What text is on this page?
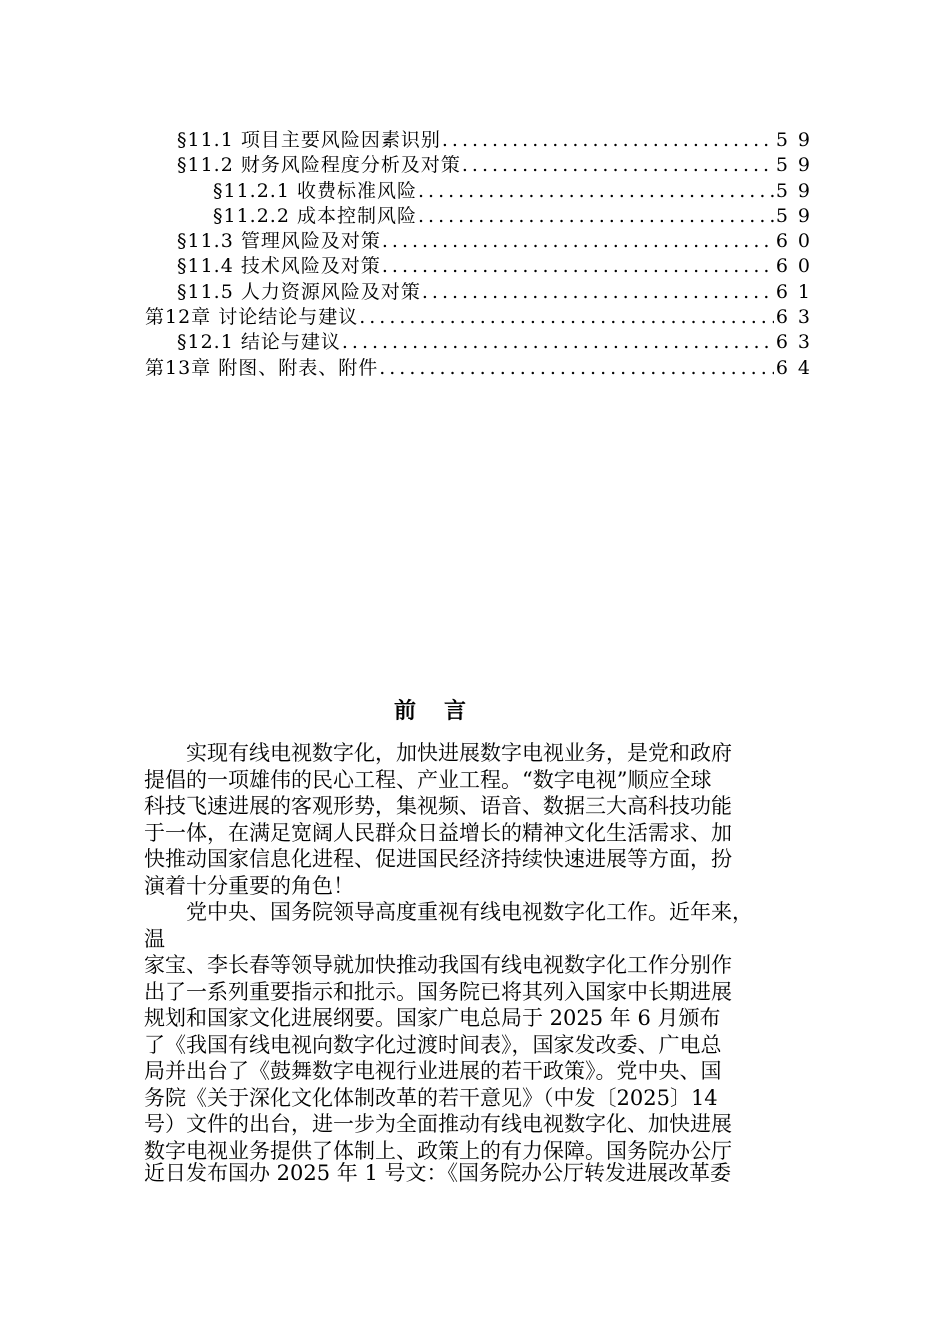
§11.1 项目主要风险因素识别 .....	59
§11.2 财务风险程度分析及对策 .....	59
§11.2.1 收费标准风险 .....	59
§11.2.2 成本控制风险 .....	59
§11.3 管理风险及对策 .....	60
§11.4 技术风险及对策 .....	60
§11.5 人力资源风险及对策 .....	61
第12章 讨论结论与建议 .....	63
§12.1 结论与建议 .....	63
第13章 附图、附表、附件 .....	64
前言
实现有线电视数字化，加快进展数字电视业务，是党和政府
提倡的一项雄伟的民心工程、产业工程。“数字电视”顺应全球
科技飞速进展的客观形势，集视频、语音、数据三大高科技功能
于一体，在满足宽阔人民群众日益增长的精神文化生活需求、加
快推动国家信息化进程、促进国民经济持续快速进展等方面，扮
演着十分重要的角色！
党中央、国务院领导高度重视有线电视数字化工作。近年来，
温
家宝、李长春等领导就加快推动我国有线电视数字化工作分别作
出了一系列重要指示和批示。国务院已将其列入国家中长期进展
规划和国家文化进展纲要。国家广电总局于 2025 年 6 月颁布
了《我国有线电视向数字化过渡时间表》，国家发改委、广电总
局并出台了《鼓舞数字电视行业进展的若干政策》。党中央、国
务院《关于深化文化体制改革的若干意见》（中发〔2025〕14
号）文件的出台，进一步为全面推动有线电视数字化、加快进展
数字电视业务提供了体制上、政策上的有力保障。国务院办公厅
近日发布国办 2025 年 1 号文：《国务院办公厅转发进展改革委
